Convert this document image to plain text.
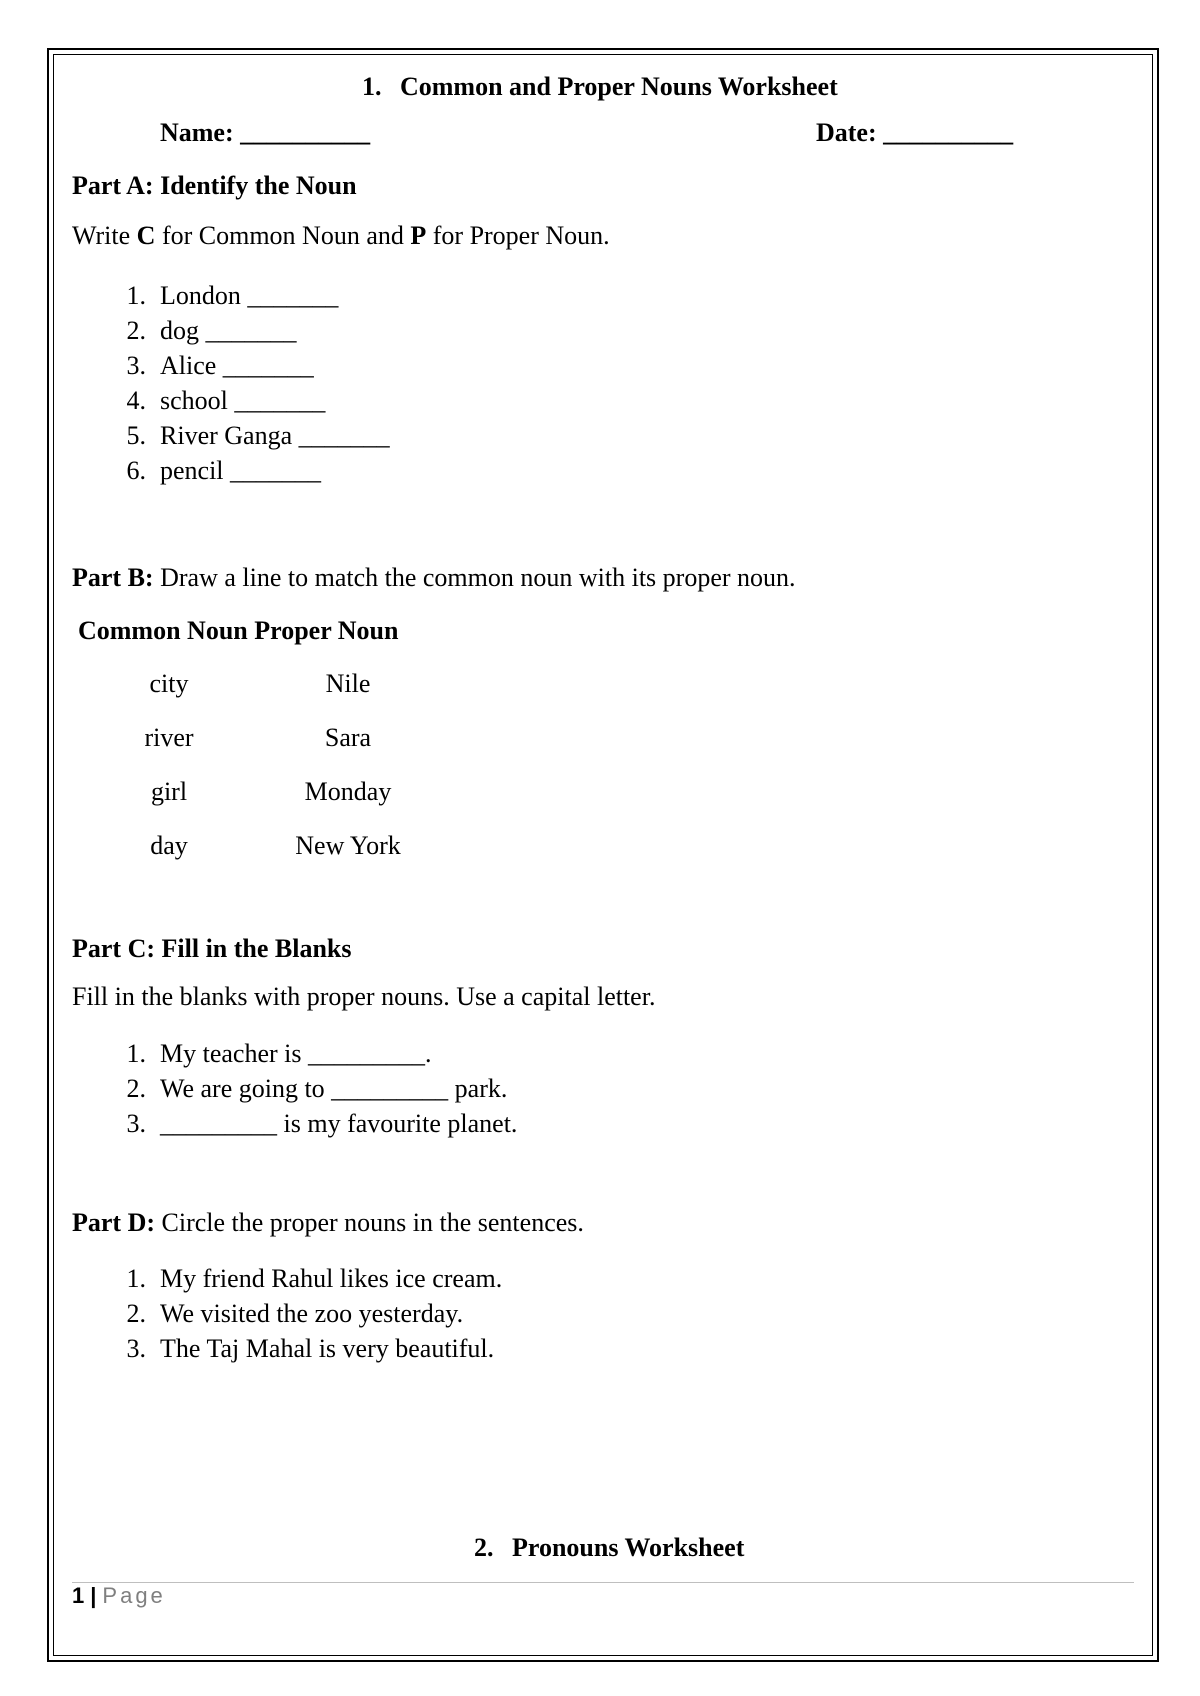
1. Common and Proper Nouns Worksheet
Name: __________	Date: __________
Part A: Identify the Noun
Write C for Common Noun and P for Proper Noun.
1. London _______
2. dog _______
3. Alice _______
4. school _______
5. River Ganga _______
6. pencil _______
Part B: Draw a line to match the common noun with its proper noun.
Common Noun Proper Noun
city
river
girl
day
Nile
Sara
Monday
New York
Part C: Fill in the Blanks
Fill in the blanks with proper nouns. Use a capital letter.
1. My teacher is _________.
2. We are going to _________ park.
3. _________ is my favourite planet.
Part D: Circle the proper nouns in the sentences.
1. My friend Rahul likes ice cream.
2. We visited the zoo yesterday.
3. The Taj Mahal is very beautiful.
2. Pronouns Worksheet
1 | Page
